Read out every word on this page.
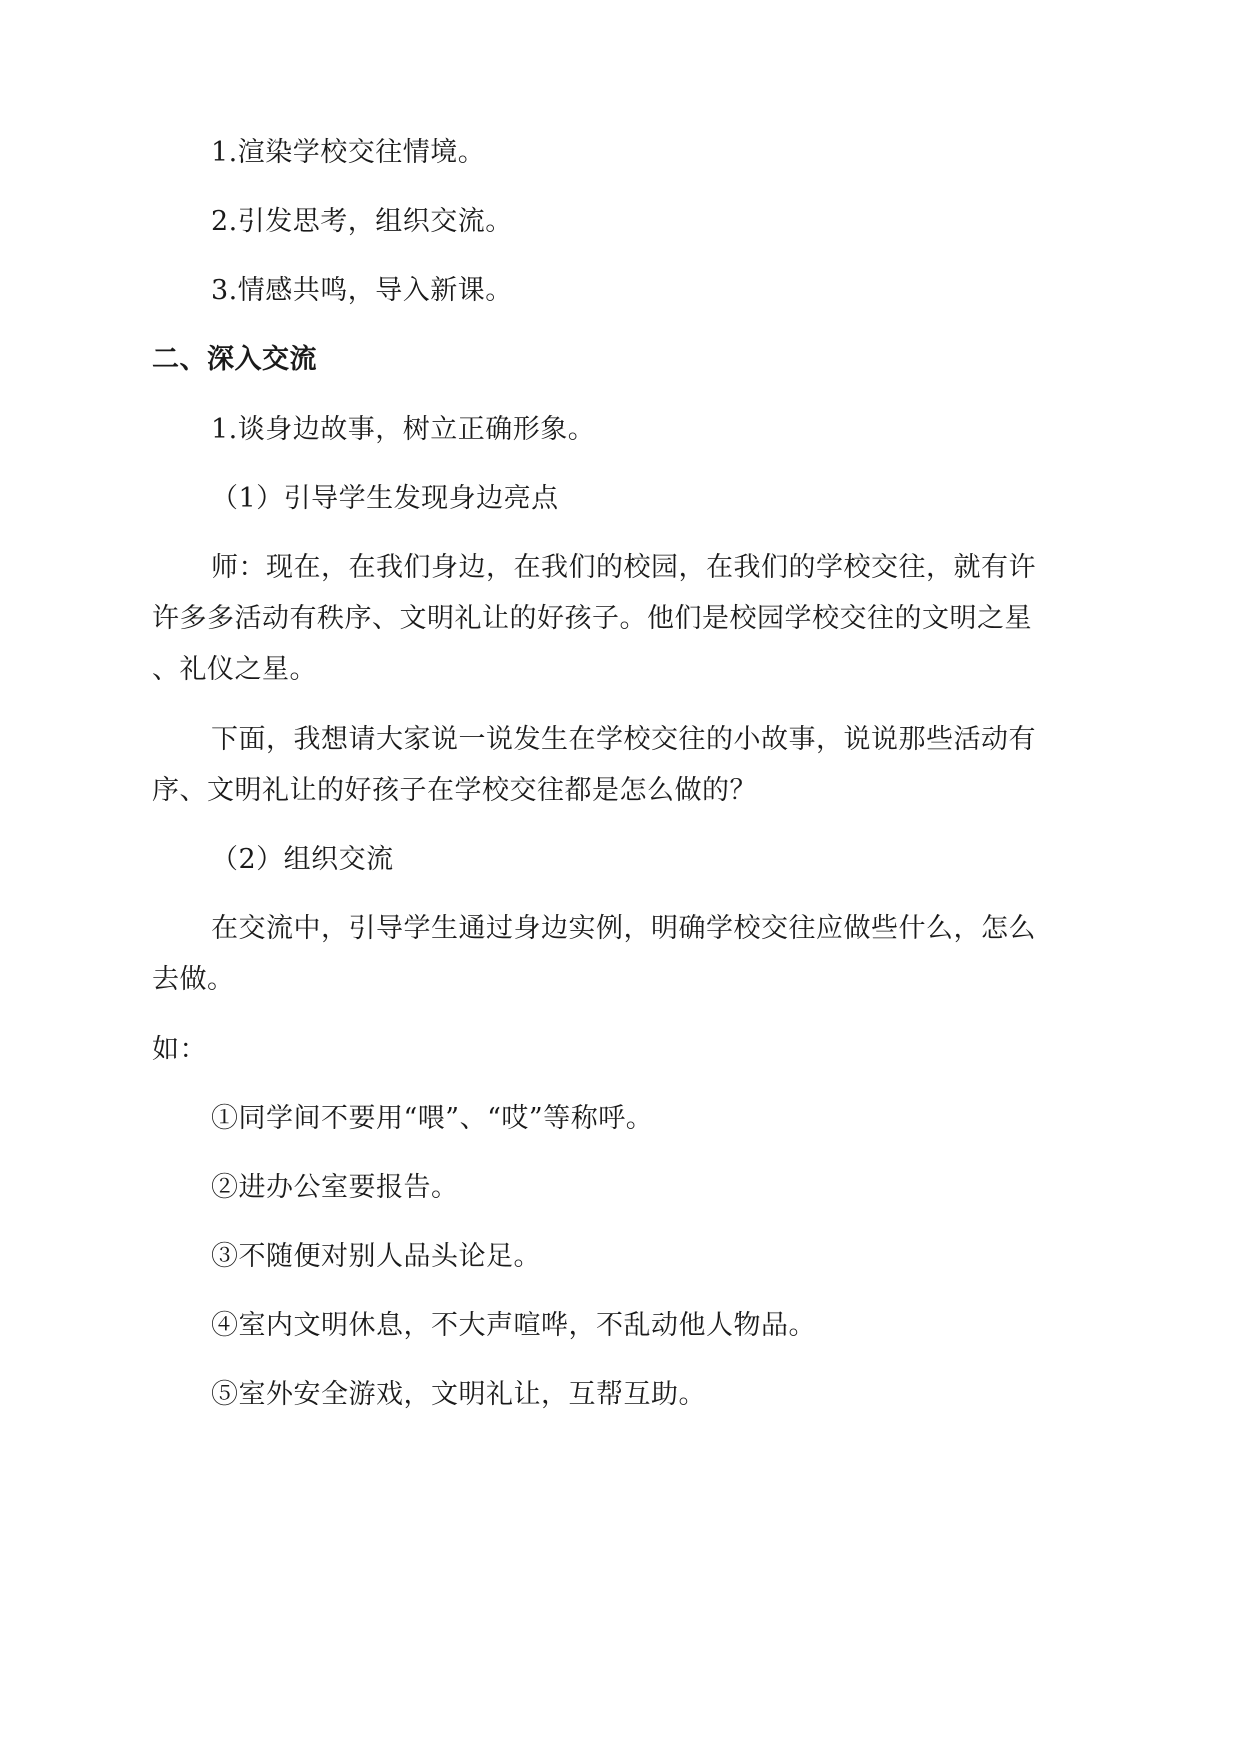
1.渲染学校交往情境。
2.引发思考，组织交流。
3.情感共鸣，导入新课。
二、深入交流
1.谈身边故事，树立正确形象。
（1）引导学生发现身边亮点
师：现在，在我们身边，在我们的校园，在我们的学校交往，就有许
许多多活动有秩序、文明礼让的好孩子。他们是校园学校交往的文明之星
、礼仪之星。
下面，我想请大家说一说发生在学校交往的小故事，说说那些活动有
序、文明礼让的好孩子在学校交往都是怎么做的？
（2）组织交流
在交流中，引导学生通过身边实例，明确学校交往应做些什么，怎么
去做。
如：
①同学间不要用“喂”、“哎”等称呼。
②进办公室要报告。
③不随便对别人品头论足。
④室内文明休息，不大声喧哗，不乱动他人物品。
⑤室外安全游戏，文明礼让，互帮互助。
